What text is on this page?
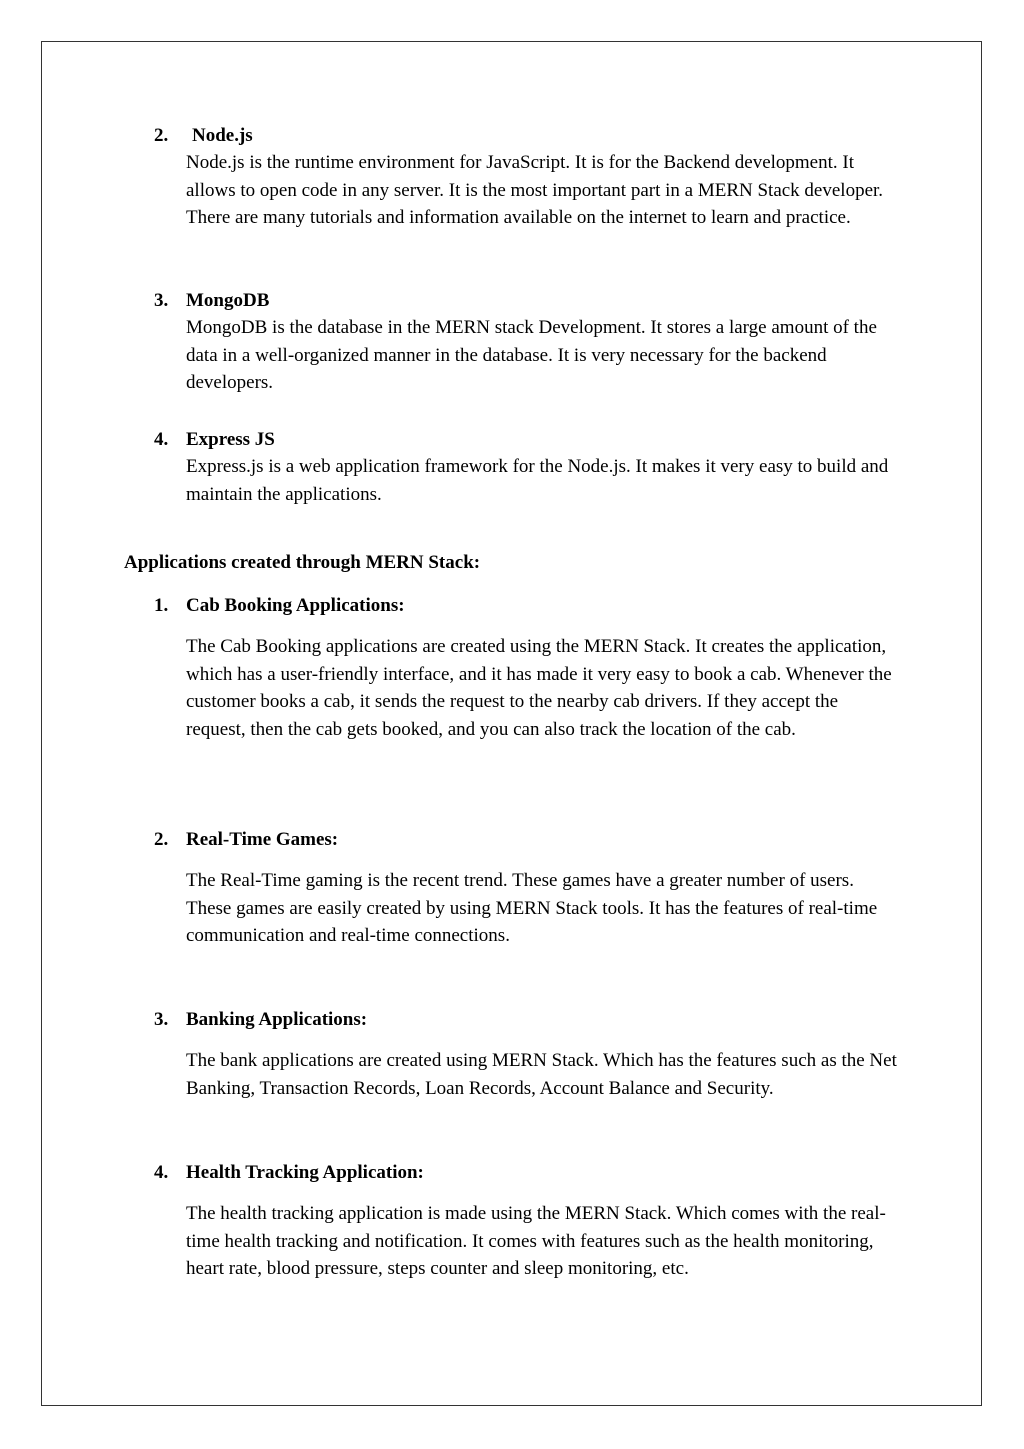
2. Node.js
Node.js is the runtime environment for JavaScript. It is for the Backend development. It allows to open code in any server. It is the most important part in a MERN Stack developer. There are many tutorials and information available on the internet to learn and practice.
3. MongoDB
MongoDB is the database in the MERN stack Development. It stores a large amount of the data in a well-organized manner in the database. It is very necessary for the backend developers.
4. Express JS
Express.js is a web application framework for the Node.js. It makes it very easy to build and maintain the applications.
Applications created through MERN Stack:
1. Cab Booking Applications:
The Cab Booking applications are created using the MERN Stack. It creates the application, which has a user-friendly interface, and it has made it very easy to book a cab. Whenever the customer books a cab, it sends the request to the nearby cab drivers. If they accept the request, then the cab gets booked, and you can also track the location of the cab.
2. Real-Time Games:
The Real-Time gaming is the recent trend. These games have a greater number of users. These games are easily created by using MERN Stack tools. It has the features of real-time communication and real-time connections.
3. Banking Applications:
The bank applications are created using MERN Stack. Which has the features such as the Net Banking, Transaction Records, Loan Records, Account Balance and Security.
4. Health Tracking Application:
The health tracking application is made using the MERN Stack. Which comes with the real-time health tracking and notification. It comes with features such as the health monitoring, heart rate, blood pressure, steps counter and sleep monitoring, etc.
